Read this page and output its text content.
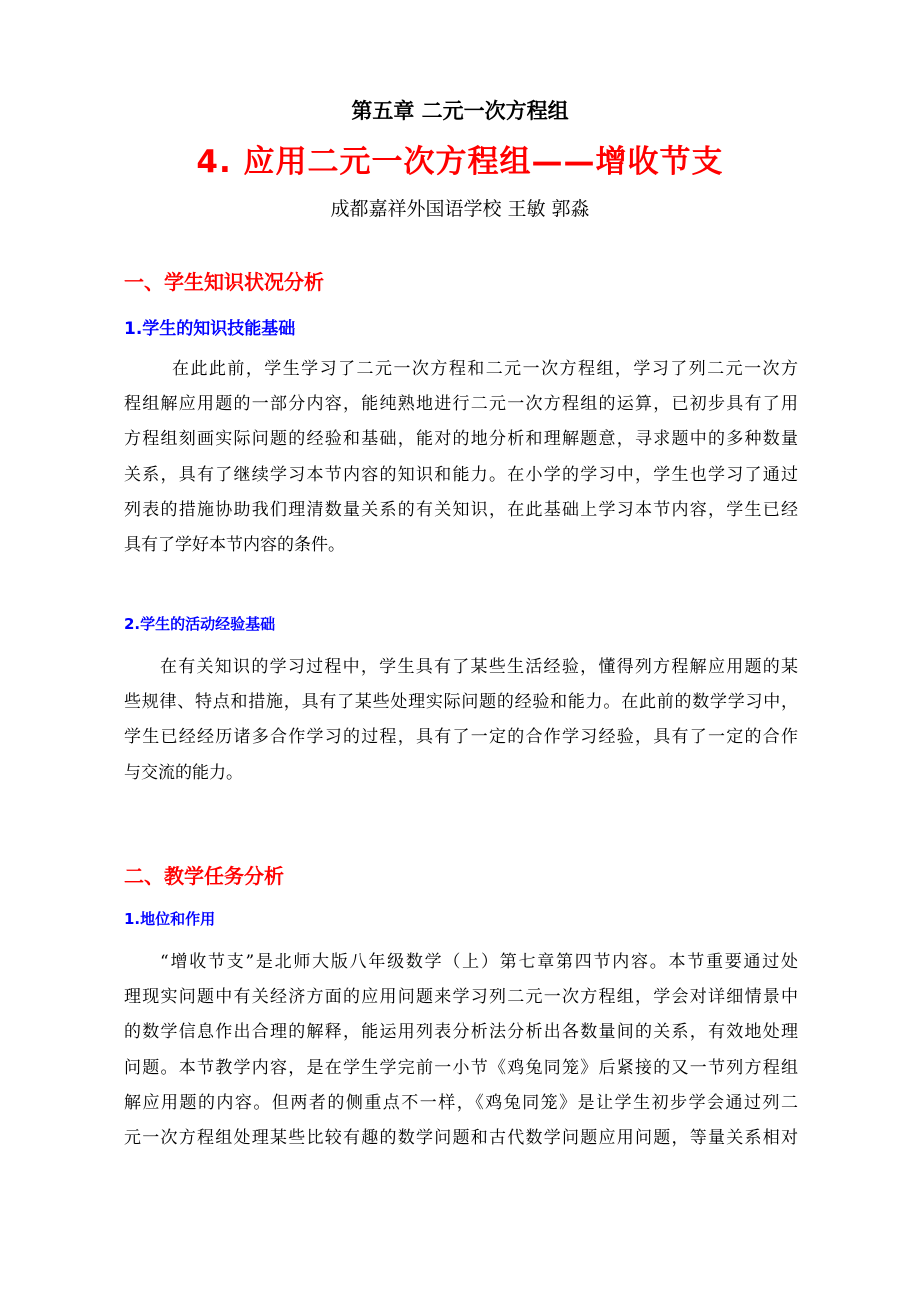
第五章 二元一次方程组
4. 应用二元一次方程组——增收节支
成都嘉祥外国语学校 王敏 郭淼
一、学生知识状况分析
1.学生的知识技能基础
在此此前，学生学习了二元一次方程和二元一次方程组，学习了列二元一次方
程组解应用题的一部分内容，能纯熟地进行二元一次方程组的运算，已初步具有了用
方程组刻画实际问题的经验和基础，能对的地分析和理解题意，寻求题中的多种数量
关系，具有了继续学习本节内容的知识和能力。在小学的学习中，学生也学习了通过
列表的措施协助我们理清数量关系的有关知识，在此基础上学习本节内容，学生已经
具有了学好本节内容的条件。
2.学生的活动经验基础
在有关知识的学习过程中，学生具有了某些生活经验，懂得列方程解应用题的某
些规律、特点和措施，具有了某些处理实际问题的经验和能力。在此前的数学学习中，
学生已经经历诸多合作学习的过程，具有了一定的合作学习经验，具有了一定的合作
与交流的能力。
二、教学任务分析
1.地位和作用
“增收节支”是北师大版八年级数学（上）第七章第四节内容。本节重要通过处
理现实问题中有关经济方面的应用问题来学习列二元一次方程组，学会对详细情景中
的数学信息作出合理的解释，能运用列表分析法分析出各数量间的关系，有效地处理
问题。本节教学内容，是在学生学完前一小节《鸡兔同笼》后紧接的又一节列方程组
解应用题的内容。但两者的侧重点不一样，《鸡兔同笼》是让学生初步学会通过列二
元一次方程组处理某些比较有趣的数学问题和古代数学问题应用问题，等量关系相对
